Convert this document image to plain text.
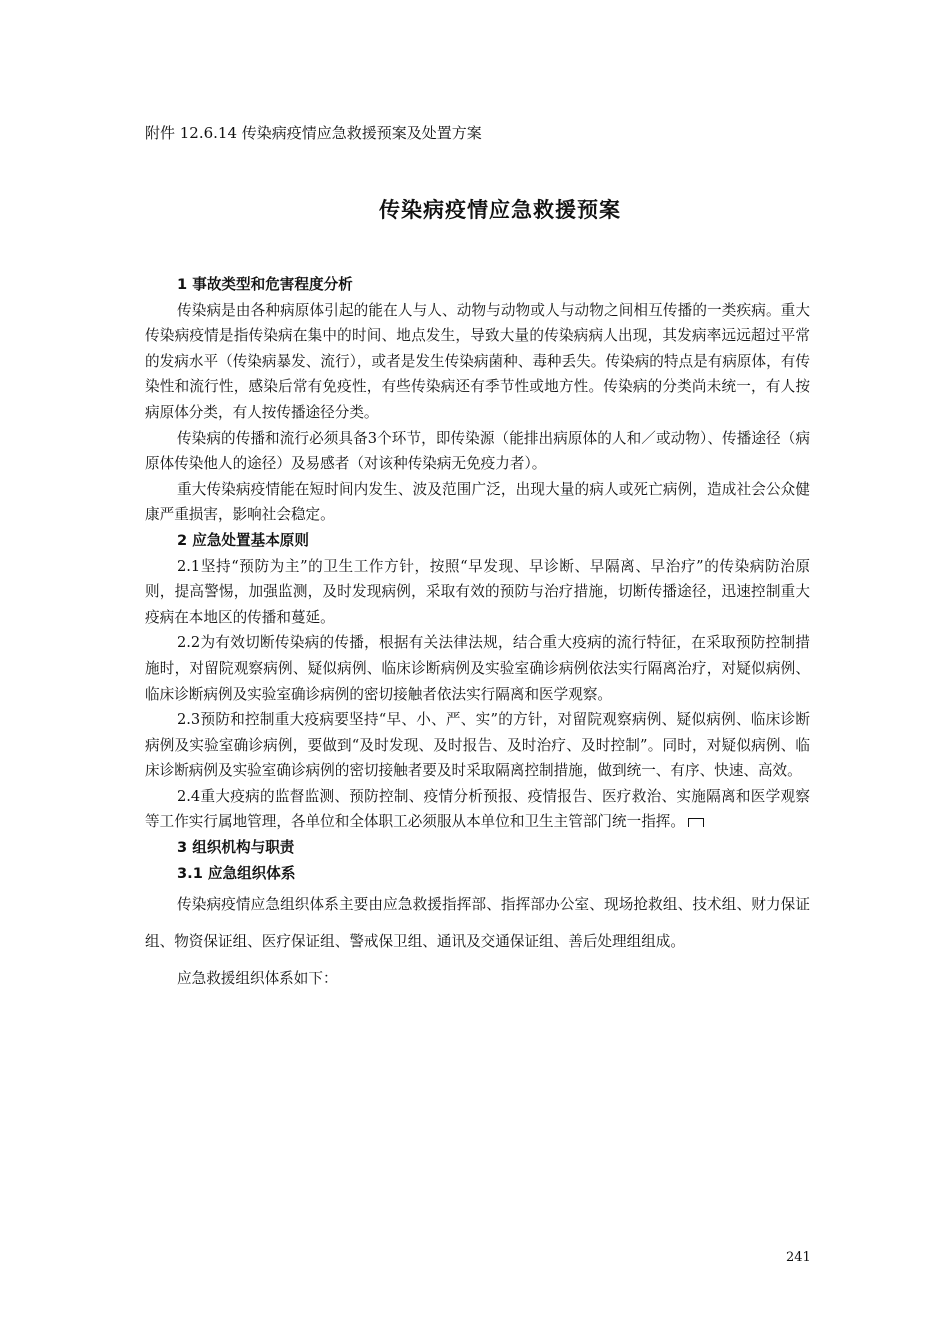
附件 12.6.14 传染病疫情应急救援预案及处置方案
传染病疫情应急救援预案

1 事故类型和危害程度分析

传染病是由各种病原体引起的能在人与人、动物与动物或人与动物之间相互传播的一类疾病。重大传染病疫情是指传染病在集中的时间、地点发生，导致大量的传染病病人出现，其发病率远远超过平常的发病水平（传染病暴发、流行），或者是发生传染病菌种、毒种丢失。传染病的特点是有病原体，有传染性和流行性，感染后常有免疫性，有些传染病还有季节性或地方性。传染病的分类尚未统一，有人按病原体分类，有人按传播途径分类。

传染病的传播和流行必须具备3个环节，即传染源（能排出病原体的人和／或动物）、传播途径（病原体传染他人的途径）及易感者（对该种传染病无免疫力者）。

重大传染病疫情能在短时间内发生、波及范围广泛，出现大量的病人或死亡病例，造成社会公众健康严重损害，影响社会稳定。

2 应急处置基本原则

2.1坚持“预防为主”的卫生工作方针，按照“早发现、早诊断、早隔离、早治疗”的传染病防治原则，提高警惕，加强监测，及时发现病例，采取有效的预防与治疗措施，切断传播途径，迅速控制重大疫病在本地区的传播和蔓延。

2.2为有效切断传染病的传播，根据有关法律法规，结合重大疫病的流行特征，在采取预防控制措施时，对留院观察病例、疑似病例、临床诊断病例及实验室确诊病例依法实行隔离治疗，对疑似病例、临床诊断病例及实验室确诊病例的密切接触者依法实行隔离和医学观察。

2.3预防和控制重大疫病要坚持“早、小、严、实”的方针，对留院观察病例、疑似病例、临床诊断病例及实验室确诊病例，要做到“及时发现、及时报告、及时治疗、及时控制”。同时，对疑似病例、临床诊断病例及实验室确诊病例的密切接触者要及时采取隔离控制措施，做到统一、有序、快速、高效。

2.4重大疫病的监督监测、预防控制、疫情分析预报、疫情报告、医疗救治、实施隔离和医学观察等工作实行属地管理，各单位和全体职工必须服从本单位和卫生主管部门统一指挥。

3 组织机构与职责

3.1 应急组织体系

传染病疫情应急组织体系主要由应急救援指挥部、指挥部办公室、现场抢救组、技术组、财力保证组、物资保证组、医疗保证组、警戒保卫组、通讯及交通保证组、善后处理组组成。

应急救援组织体系如下：

241
